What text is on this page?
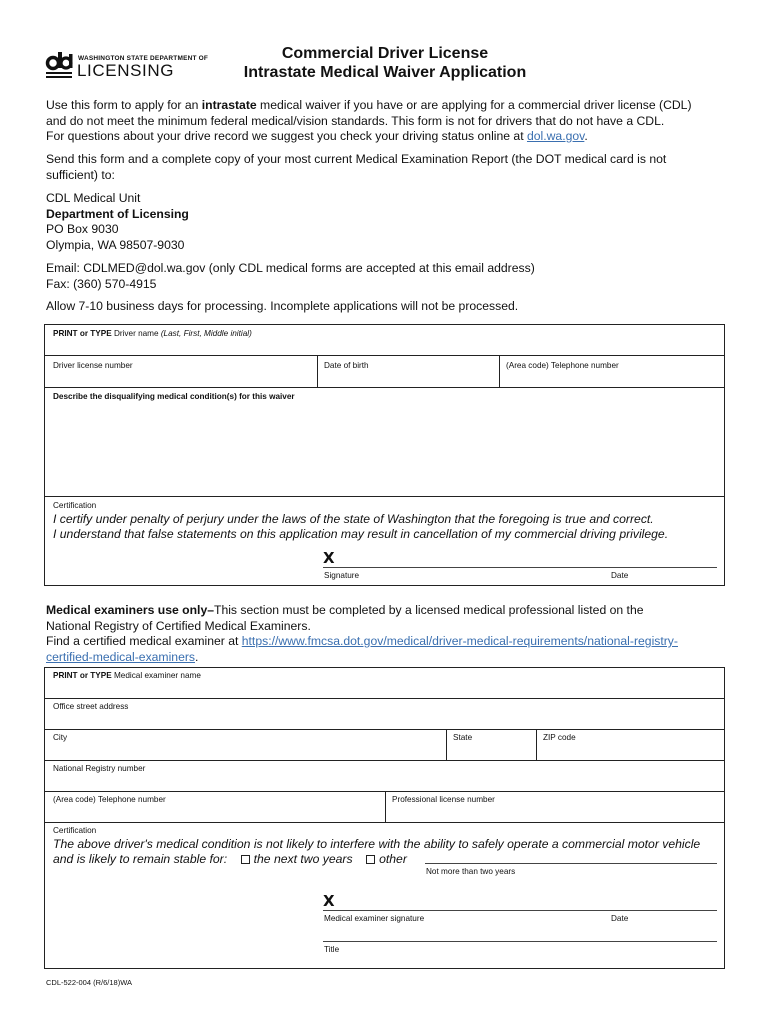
WASHINGTON STATE DEPARTMENT OF
LICENSING
Commercial Driver License
Intrastate Medical Waiver Application

Use this form to apply for an intrastate medical waiver if you have or are applying for a commercial driver license (CDL)

and do not meet the minimum federal medical/vision standards. This form is not for drivers that do not have a CDL.

For questions about your drive record we suggest you check your driving status online at dol.wa.gov.

Send this form and a complete copy of your most current Medical Examination Report (the DOT medical card is not

sufficient) to:

CDL Medical Unit

Department of Licensing

PO Box 9030

Olympia, WA 98507-9030

Email: CDLMED@dol.wa.gov (only CDL medical forms are accepted at this email address)

Fax: (360) 570-4915

Allow 7-10 business days for processing. Incomplete applications will not be processed.
PRINT or TYPE Driver name (Last, First, Middle initial)
Driver license number	Date of birth	(Area code) Telephone number
Describe the disqualifying medical condition(s) for this waiver
Certification
I certify under penalty of perjury under the laws of the state of Washington that the foregoing is true and correct.
I understand that false statements on this application may result in cancellation of my commercial driving privilege.
X
Signature	Date

Medical examiners use only–This section must be completed by a licensed medical professional listed on the

National Registry of Certified Medical Examiners.

Find a certified medical examiner at https://www.fmcsa.dot.gov/medical/driver-medical-requirements/national-registry-

certified-medical-examiners.

PRINT or TYPE Medical examiner name
Office street address
City	State	ZIP code
National Registry number
(Area code) Telephone number	Professional license number
Certification
The above driver's medical condition is not likely to interfere with the ability to safely operate a commercial motor vehicle
and is likely to remain stable for: the next two years other
Not more than two years
X
Medical examiner signature	Date
Title
CDL-522-004 (R/6/18)WA
